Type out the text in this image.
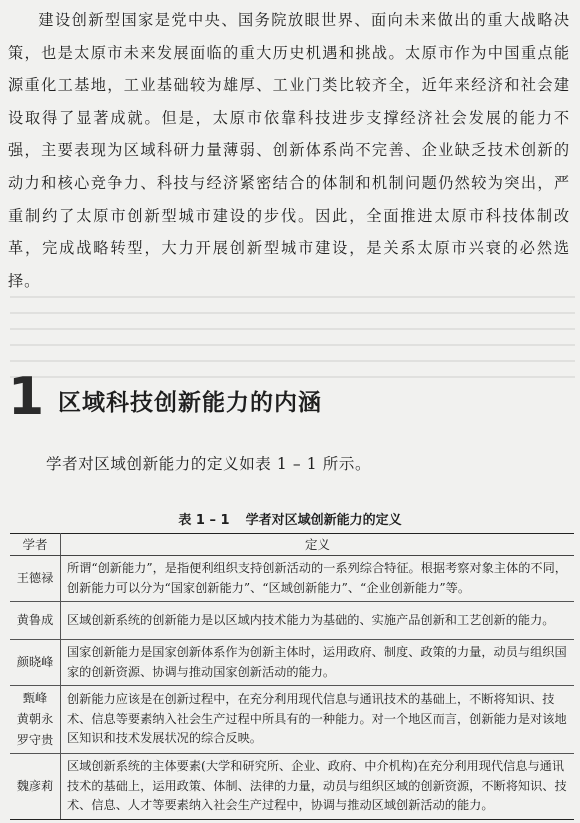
建设创新型国家是党中央、国务院放眼世界、面向未来做出的重大战略决策，也是太原市未来发展面临的重大历史机遇和挑战。太原市作为中国重点能源重化工基地，工业基础较为雄厚、工业门类比较齐全，近年来经济和社会建设取得了显著成就。但是，太原市依靠科技进步支撑经济社会发展的能力不强，主要表现为区域科研力量薄弱、创新体系尚不完善、企业缺乏技术创新的动力和核心竞争力、科技与经济紧密结合的体制和机制问题仍然较为突出，严重制约了太原市创新型城市建设的步伐。因此，全面推进太原市科技体制改革，完成战略转型，大力开展创新型城市建设，是关系太原市兴衰的必然选择。

1 区域科技创新能力的内涵

学者对区域创新能力的定义如表 1 – 1 所示。

表 1 – 1 学者对区域创新能力的定义
学者	定义
王德禄	所谓“创新能力”，是指便利组织支持创新活动的一系列综合特征。根据考察对象主体的不同，创新能力可以分为“国家创新能力”、“区域创新能力”、“企业创新能力”等。
黄鲁成	区域创新系统的创新能力是以区域内技术能力为基础的、实施产品创新和工艺创新的能力。
颜晓峰	国家创新能力是国家创新体系作为创新主体时，运用政府、制度、政策的力量，动员与组织国家的创新资源、协调与推动国家创新活动的能力。
甄峰
黄朝永
罗守贵	创新能力应该是在创新过程中，在充分利用现代信息与通讯技术的基础上，不断将知识、技术、信息等要素纳入社会生产过程中所具有的一种能力。对一个地区而言，创新能力是对该地区知识和技术发展状况的综合反映。
魏彦莉	区域创新系统的主体要素(大学和研究所、企业、政府、中介机构)在充分利用现代信息与通讯技术的基础上，运用政策、体制、法律的力量，动员与组织区域的创新资源，不断将知识、技术、信息、人才等要素纳入社会生产过程中，协调与推动区域创新活动的能力。
